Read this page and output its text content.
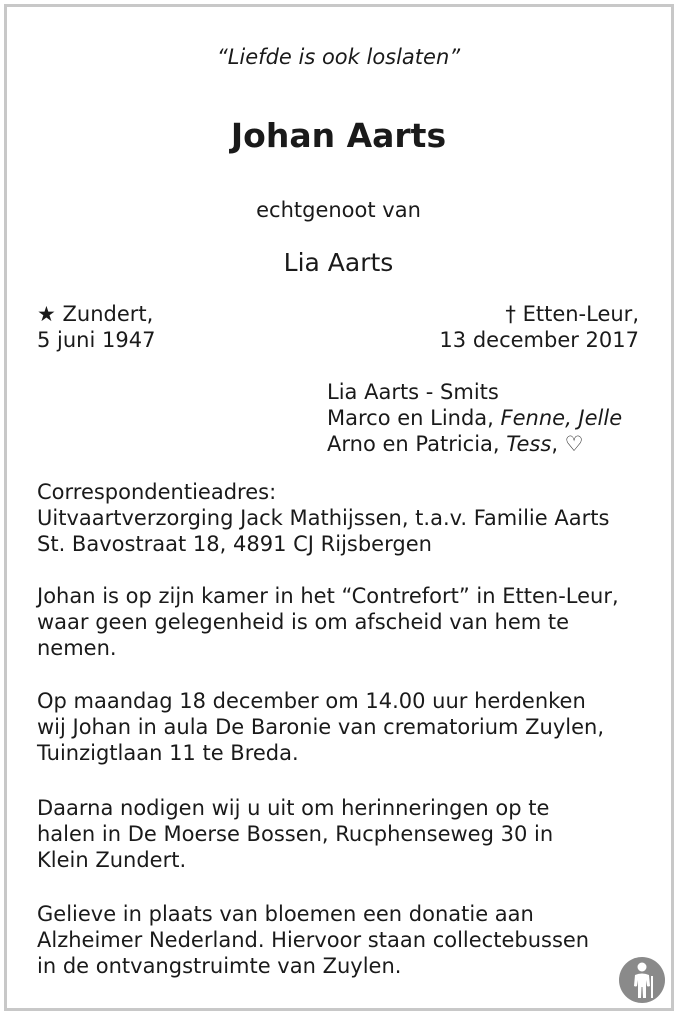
“Liefde is ook loslaten”
Johan Aarts
echtgenoot van
Lia Aarts
★ Zundert,
5 juni 1947
† Etten-Leur,
13 december 2017
Lia Aarts - Smits
Marco en Linda, Fenne, Jelle
Arno en Patricia, Tess, ♡
Correspondentieadres:
Uitvaartverzorging Jack Mathijssen, t.a.v. Familie Aarts
St. Bavostraat 18, 4891 CJ Rijsbergen
Johan is op zijn kamer in het “Contrefort” in Etten-Leur,
waar geen gelegenheid is om afscheid van hem te
nemen.
Op maandag 18 december om 14.00 uur herdenken
wij Johan in aula De Baronie van crematorium Zuylen,
Tuinzigtlaan 11 te Breda.
Daarna nodigen wij u uit om herinneringen op te
halen in De Moerse Bossen, Rucphenseweg 30 in
Klein Zundert.
Gelieve in plaats van bloemen een donatie aan
Alzheimer Nederland. Hiervoor staan collectebussen
in de ontvangstruimte van Zuylen.
